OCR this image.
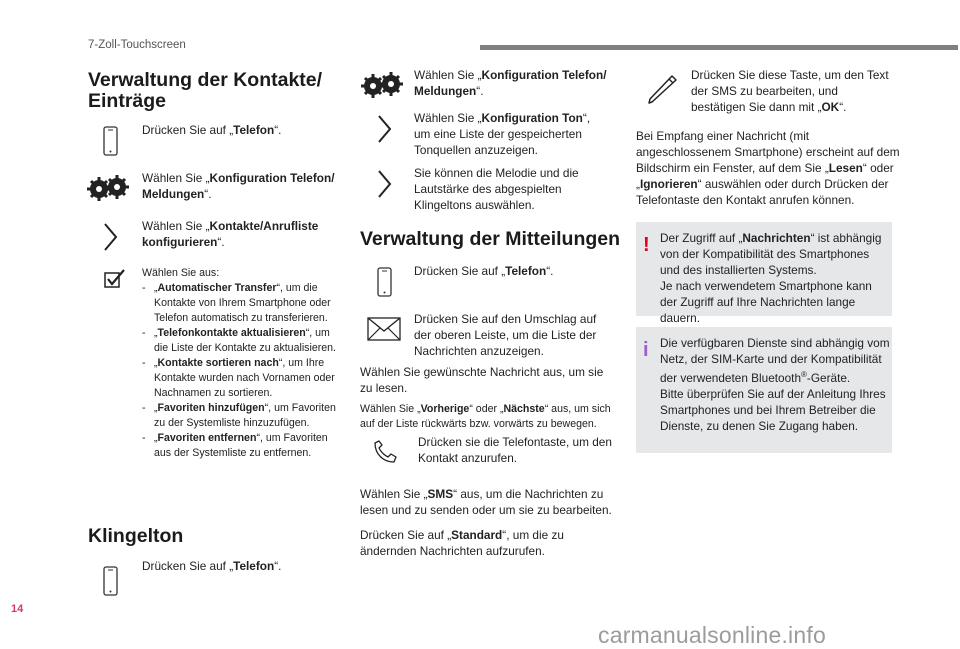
7-Zoll-Touchscreen
14
carmanualsonline.info
Verwaltung der Kontakte/ Einträge
Drücken Sie auf „Telefon“.
Wählen Sie „Konfiguration Telefon/ Meldungen“.
Wählen Sie „Kontakte/Anrufliste konfigurieren“.
Wählen Sie aus:
- „Automatischer Transfer“, um die Kontakte von Ihrem Smartphone oder Telefon automatisch zu transferieren.
- „Telefonkontakte aktualisieren“, um die Liste der Kontakte zu aktualisieren.
- „Kontakte sortieren nach“, um Ihre Kontakte wurden nach Vornamen oder Nachnamen zu sortieren.
- „Favoriten hinzufügen“, um Favoriten zu der Systemliste hinzuzufügen.
- „Favoriten entfernen“, um Favoriten aus der Systemliste zu entfernen.
Klingelton
Drücken Sie auf „Telefon“.
Wählen Sie „Konfiguration Telefon/ Meldungen“.
Wählen Sie „Konfiguration Ton“, um eine Liste der gespeicherten Tonquellen anzuzeigen.
Sie können die Melodie und die Lautstärke des abgespielten Klingeltons auswählen.
Verwaltung der Mitteilungen
Drücken Sie auf „Telefon“.
Drücken Sie auf den Umschlag auf der oberen Leiste, um die Liste der Nachrichten anzuzeigen.
Wählen Sie gewünschte Nachricht aus, um sie zu lesen.
Wählen Sie „Vorherige“ oder „Nächste“ aus, um sich auf der Liste rückwärts bzw. vorwärts zu bewegen.
Drücken sie die Telefontaste, um den Kontakt anzurufen.
Wählen Sie „SMS“ aus, um die Nachrichten zu lesen und zu senden oder um sie zu bearbeiten.
Drücken Sie auf „Standard“, um die zu ändernden Nachrichten aufzurufen.
Drücken Sie diese Taste, um den Text der SMS zu bearbeiten, und bestätigen Sie dann mit „OK“.
Bei Empfang einer Nachricht (mit angeschlossenem Smartphone) erscheint auf dem Bildschirm ein Fenster, auf dem Sie „Lesen“ oder „Ignorieren“ auswählen oder durch Drücken der Telefontaste den Kontakt anrufen können.
! Der Zugriff auf „Nachrichten“ ist abhängig von der Kompatibilität des Smartphones und des installierten Systems.
Je nach verwendetem Smartphone kann der Zugriff auf Ihre Nachrichten lange dauern.
i Die verfügbaren Dienste sind abhängig vom Netz, der SIM-Karte und der Kompatibilität der verwendeten Bluetooth®-Geräte.
Bitte überprüfen Sie auf der Anleitung Ihres Smartphones und bei Ihrem Betreiber die Dienste, zu denen Sie Zugang haben.
